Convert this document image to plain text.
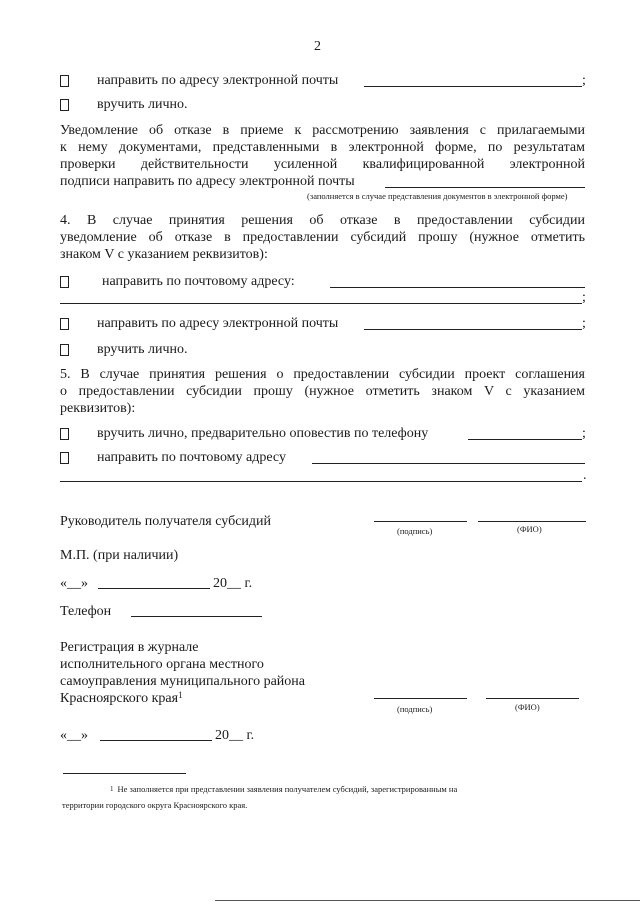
2
направить по адресу электронной почты	;
вручить лично.
Уведомление об отказе в приеме к рассмотрению заявления с прилагаемыми
к нему документами, представленными в электронной форме, по результатам
проверки действительности усиленной квалифицированной электронной
подписи направить по адресу электронной почты
(заполняется в случае представления документов в электронной форме)
4. В случае принятия решения об отказе в предоставлении субсидии
уведомление об отказе в предоставлении субсидий прошу (нужное отметить
знаком V с указанием реквизитов):
направить по почтовому адресу:
;
направить по адресу электронной почты	;
вручить лично.
5. В случае принятия решения о предоставлении субсидии проект соглашения
о предоставлении субсидии прошу (нужное отметить знаком V с указанием
реквизитов):
вручить лично, предварительно оповестив по телефону	;
направить по почтовому адресу
.
Руководитель получателя субсидий
(подпись)	(ФИО)
М.П. (при наличии)
«__»	20__ г.
Телефон
Регистрация в журнале
исполнительного органа местного
самоуправления муниципального района
Красноярского края$^1$
(подпись)	(ФИО)
«__»	20__ г.
$^1$ Не заполняется при представлении заявления получателем субсидий, зарегистрированным на
территории городского округа Красноярского края.
